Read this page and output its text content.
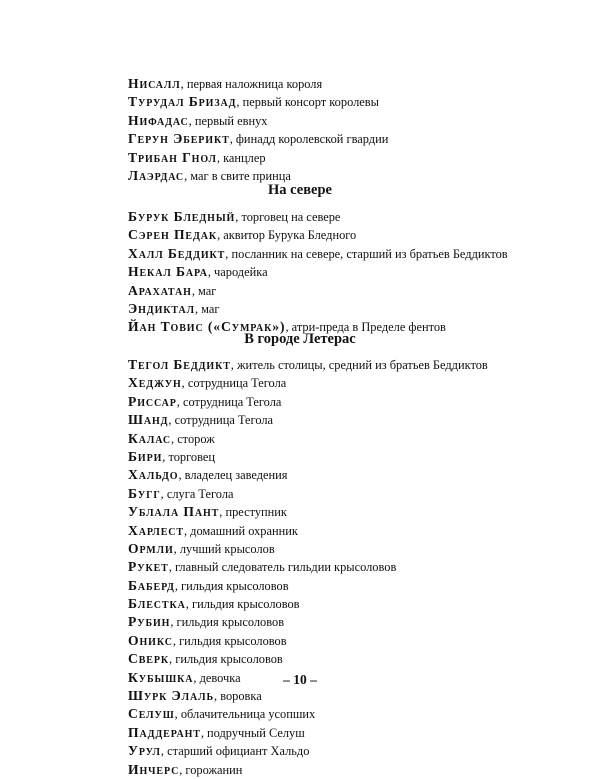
Нисалл, первая наложница короля
Турудал Бризад, первый консорт королевы
Нифадас, первый евнух
Герун Эберикт, финадд королевской гвардии
Трибан Гнол, канцлер
Лаэрдас, маг в свите принца
На севере
Бурук Бледный, торговец на севере
Сэрен Педак, аквитор Бурука Бледного
Халл Беддикт, посланник на севере, старший из братьев Беддиктов
Некал Бара, чародейка
Арахатан, маг
Эндиктал, маг
Йан Товис («Сумрак»), атри-преда в Пределе фентов
В городе Летерас
Тегол Беддикт, житель столицы, средний из братьев Беддиктов
Хеджун, сотрудница Тегола
Риссар, сотрудница Тегола
Шанд, сотрудница Тегола
Калас, сторож
Бири, торговец
Хальдо, владелец заведения
Бугг, слуга Тегола
Ублала Пант, преступник
Харлест, домашний охранник
Ормли, лучший крысолов
Рукет, главный следователь гильдии крысоловов
Баберд, гильдия крысоловов
Блестка, гильдия крысоловов
Рубин, гильдия крысоловов
Оникс, гильдия крысоловов
Сверк, гильдия крысоловов
Кубышка, девочка
Шурк Элаль, воровка
Селуш, облачительница усопших
Паддерант, подручный Селуш
Урул, старший официант Хальдо
Инчерс, горожанин
– 10 –
